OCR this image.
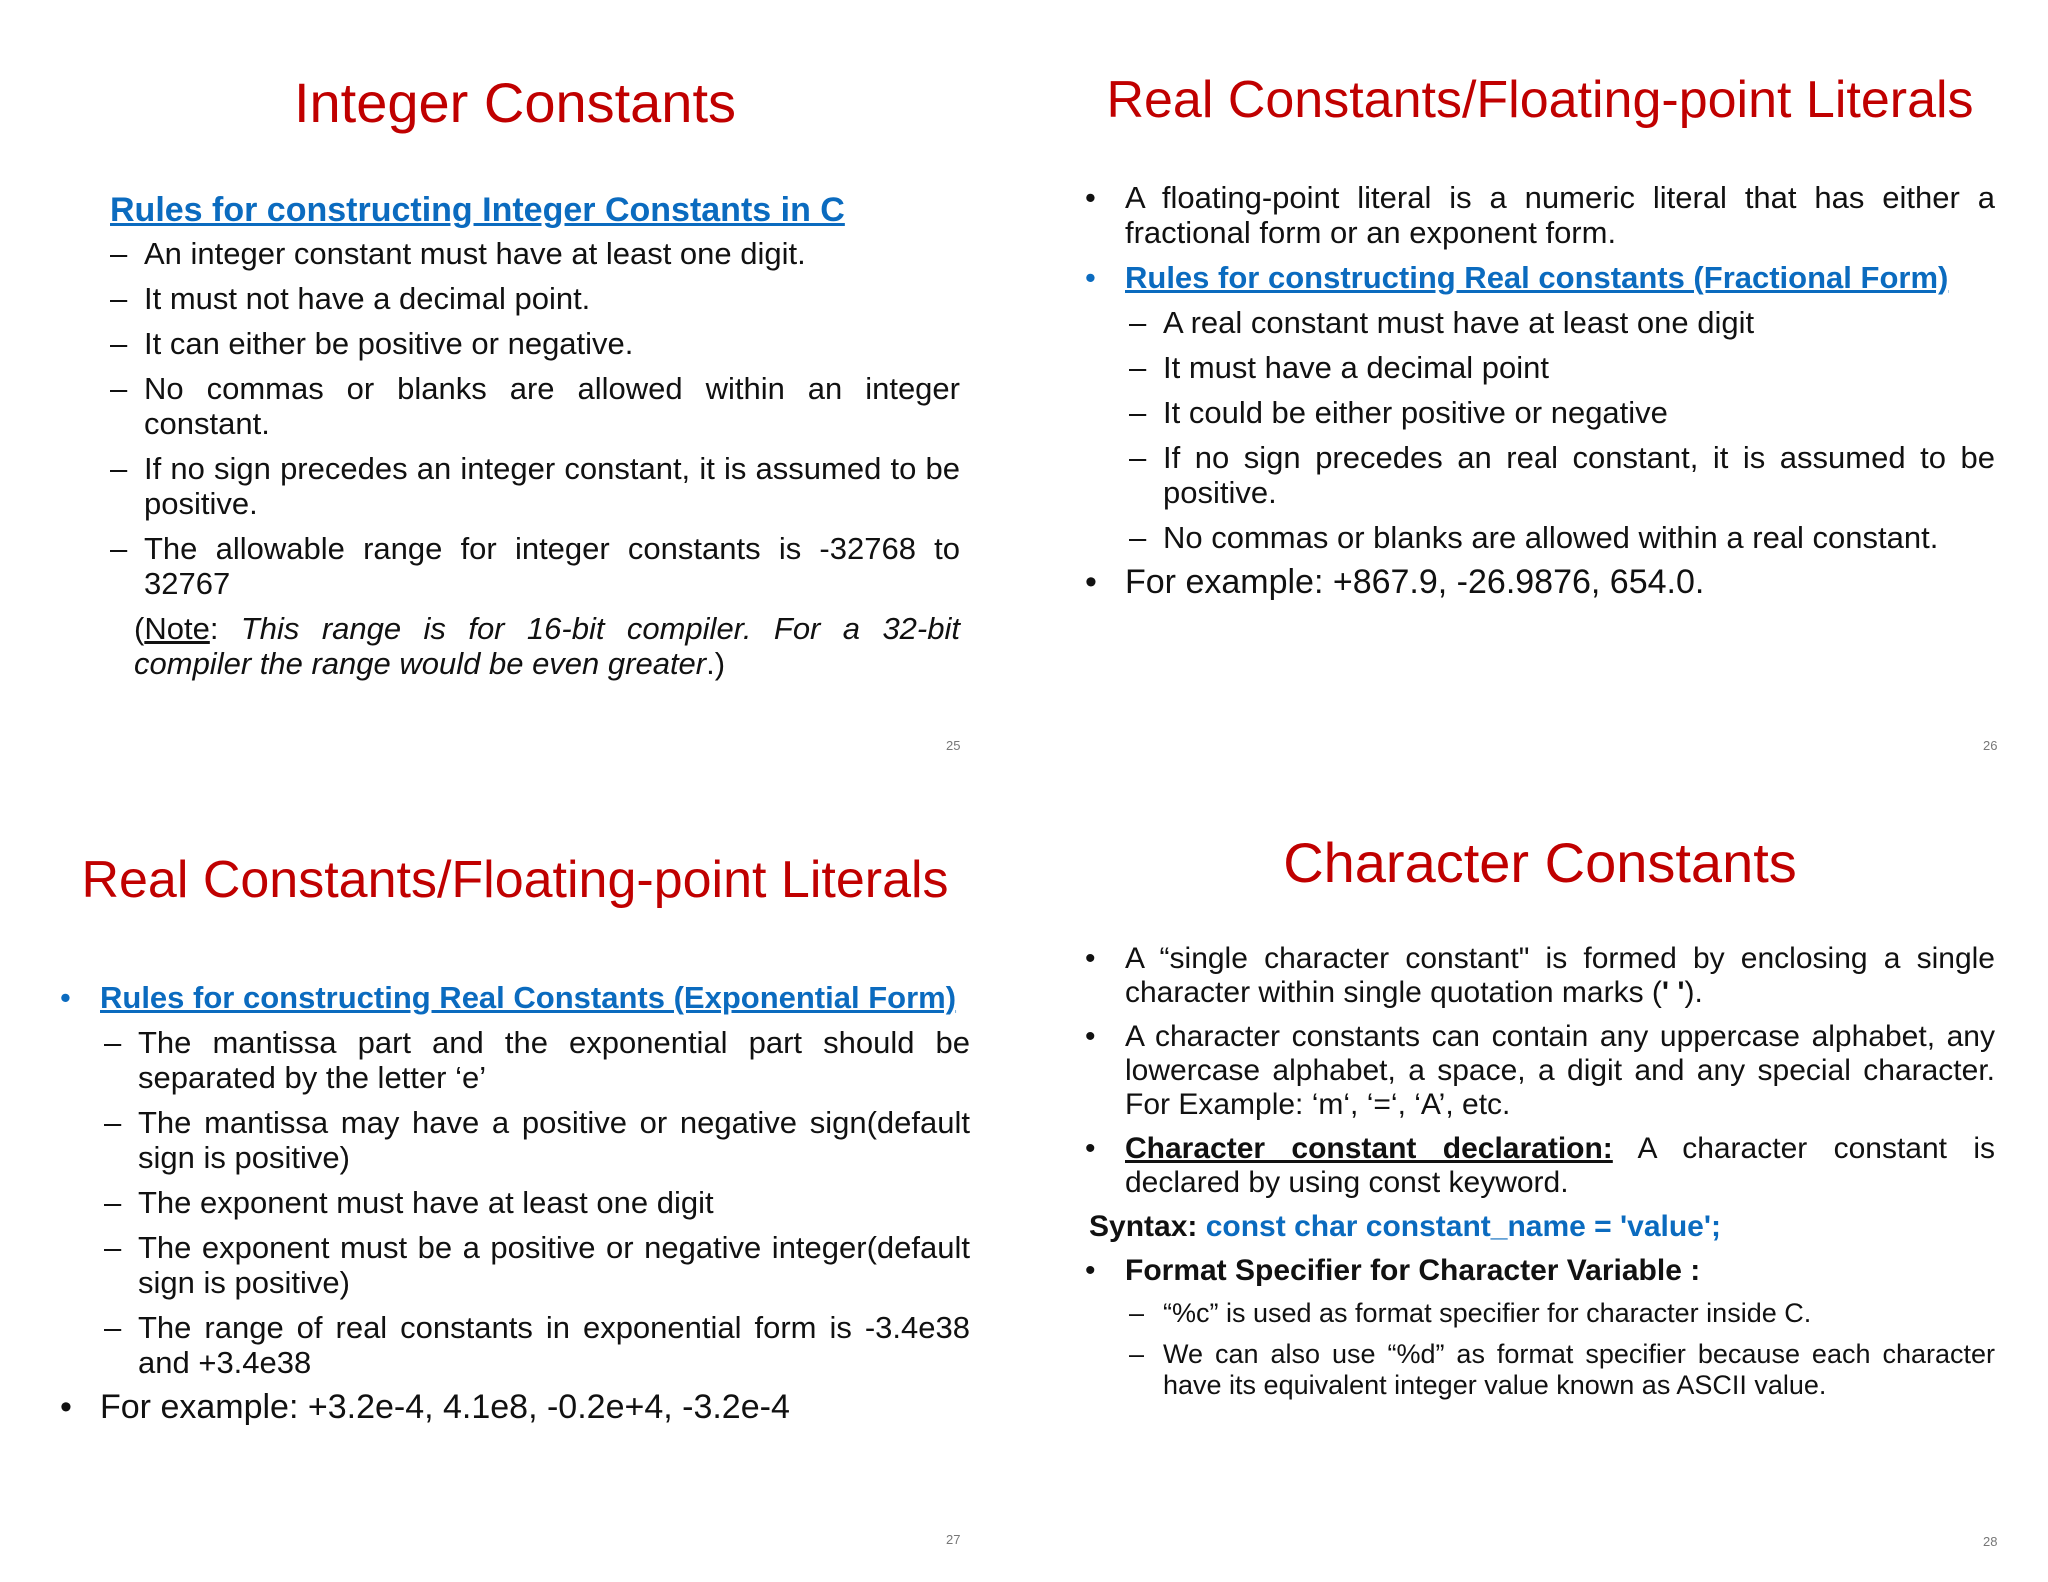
Integer Constants
Rules for constructing Integer Constants in C
– An integer constant must have at least one digit.
– It must not have a decimal point.
– It can either be positive or negative.
– No commas or blanks are allowed within an integer constant.
– If no sign precedes an integer constant, it is assumed to be positive.
– The allowable range for integer constants is -32768 to 32767
(Note: This range is for 16-bit compiler. For a 32-bit compiler the range would be even greater.)
25
Real Constants/Floating-point Literals
• A floating-point literal is a numeric literal that has either a fractional form or an exponent form.
• Rules for constructing Real constants (Fractional Form)
– A real constant must have at least one digit
– It must have a decimal point
– It could be either positive or negative
– If no sign precedes an real constant, it is assumed to be positive.
– No commas or blanks are allowed within a real constant.
• For example: +867.9, -26.9876, 654.0.
26
Real Constants/Floating-point Literals
• Rules for constructing Real Constants (Exponential Form)
– The mantissa part and the exponential part should be separated by the letter ‘e’
– The mantissa may have a positive or negative sign(default sign is positive)
– The exponent must have at least one digit
– The exponent must be a positive or negative integer(default sign is positive)
– The range of real constants in exponential form is -3.4e38 and +3.4e38
• For example: +3.2e-4, 4.1e8, -0.2e+4, -3.2e-4
27
Character Constants
• A “single character constant" is formed by enclosing a single character within single quotation marks (' ').
• A character constants can contain any uppercase alphabet, any lowercase alphabet, a space, a digit and any special character. For Example: ‘m‘, ‘=‘, ‘A’, etc.
• Character constant declaration: A character constant is declared by using const keyword.
Syntax: const char constant_name = 'value';
• Format Specifier for Character Variable :
– “%c” is used as format specifier for character inside C.
– We can also use “%d” as format specifier because each character have its equivalent integer value known as ASCII value.
28
